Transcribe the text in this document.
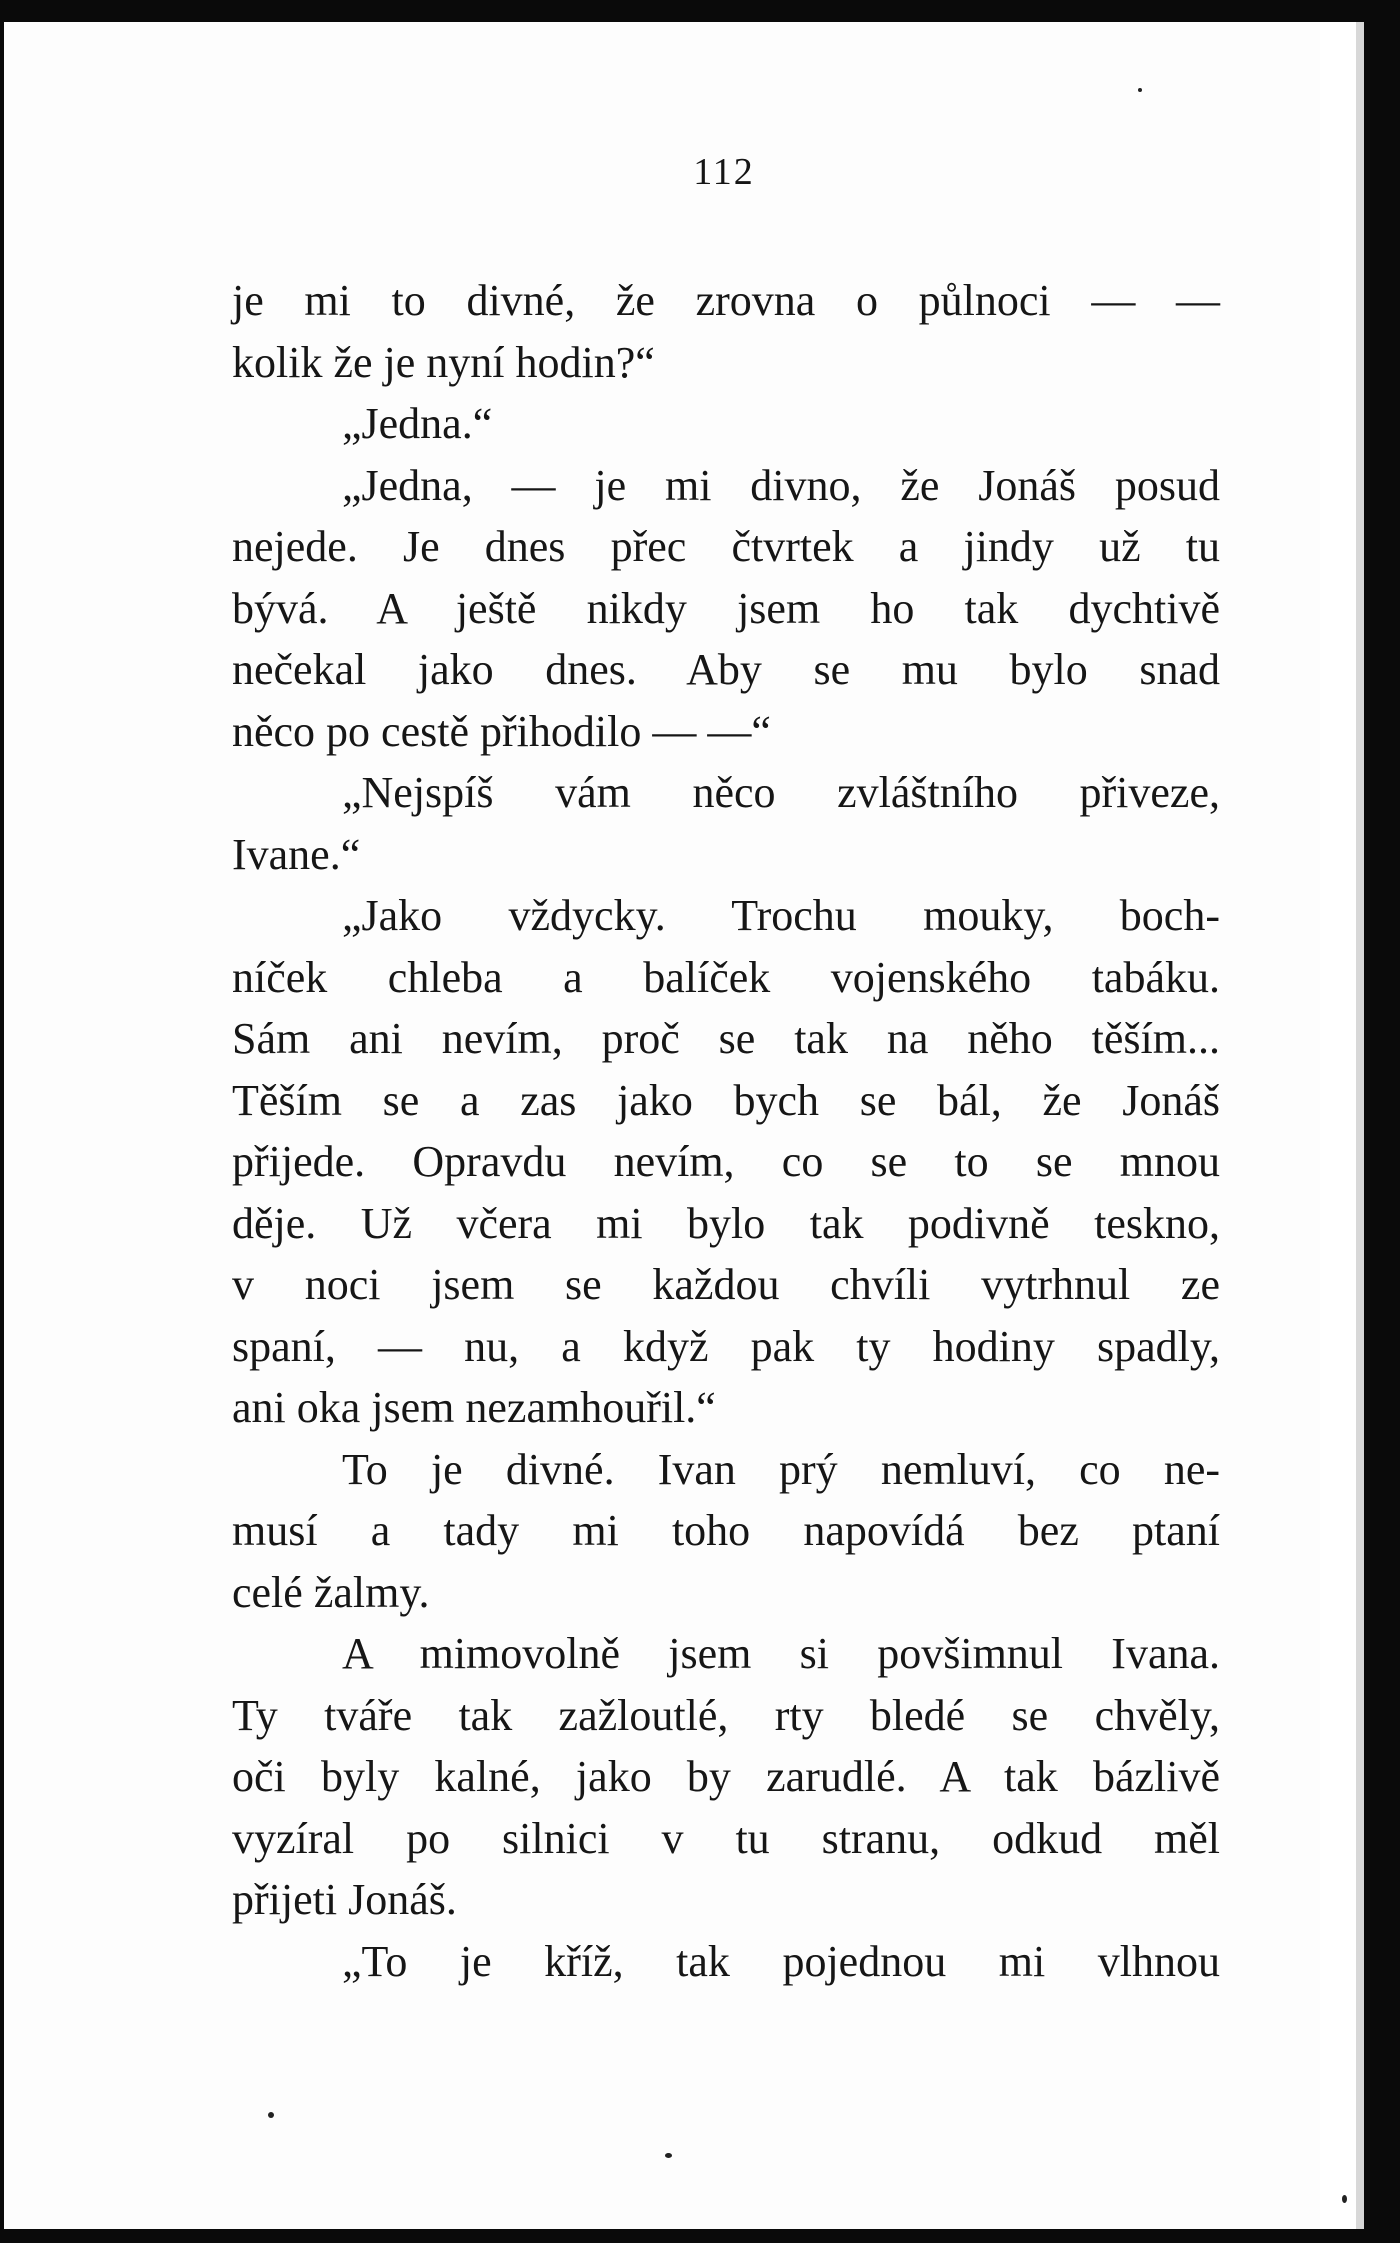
112
je mi to divné, že zrovna o půlnoci — —
kolik že je nyní hodin?“
„Jedna.“
„Jedna, — je mi divno, že Jonáš posud
nejede. Je dnes přec čtvrtek a jindy už tu
bývá. A ještě nikdy jsem ho tak dychtivě
nečekal jako dnes. Aby se mu bylo snad
něco po cestě přihodilo — —“
„Nejspíš vám něco zvláštního přiveze,
Ivane.“
„Jako vždycky. Trochu mouky, boch-
níček chleba a balíček vojenského tabáku.
Sám ani nevím, proč se tak na něho těším...
Těším se a zas jako bych se bál, že Jonáš
přijede. Opravdu nevím, co se to se mnou
děje. Už včera mi bylo tak podivně teskno,
v noci jsem se každou chvíli vytrhnul ze
spaní, — nu, a když pak ty hodiny spadly,
ani oka jsem nezamhouřil.“
To je divné. Ivan prý nemluví, co ne-
musí a tady mi toho napovídá bez ptaní
celé žalmy.
A mimovolně jsem si povšimnul Ivana.
Ty tváře tak zažloutlé, rty bledé se chvěly,
oči byly kalné, jako by zarudlé. A tak bázlivě
vyzíral po silnici v tu stranu, odkud měl
přijeti Jonáš.
„To je kříž, tak pojednou mi vlhnou
